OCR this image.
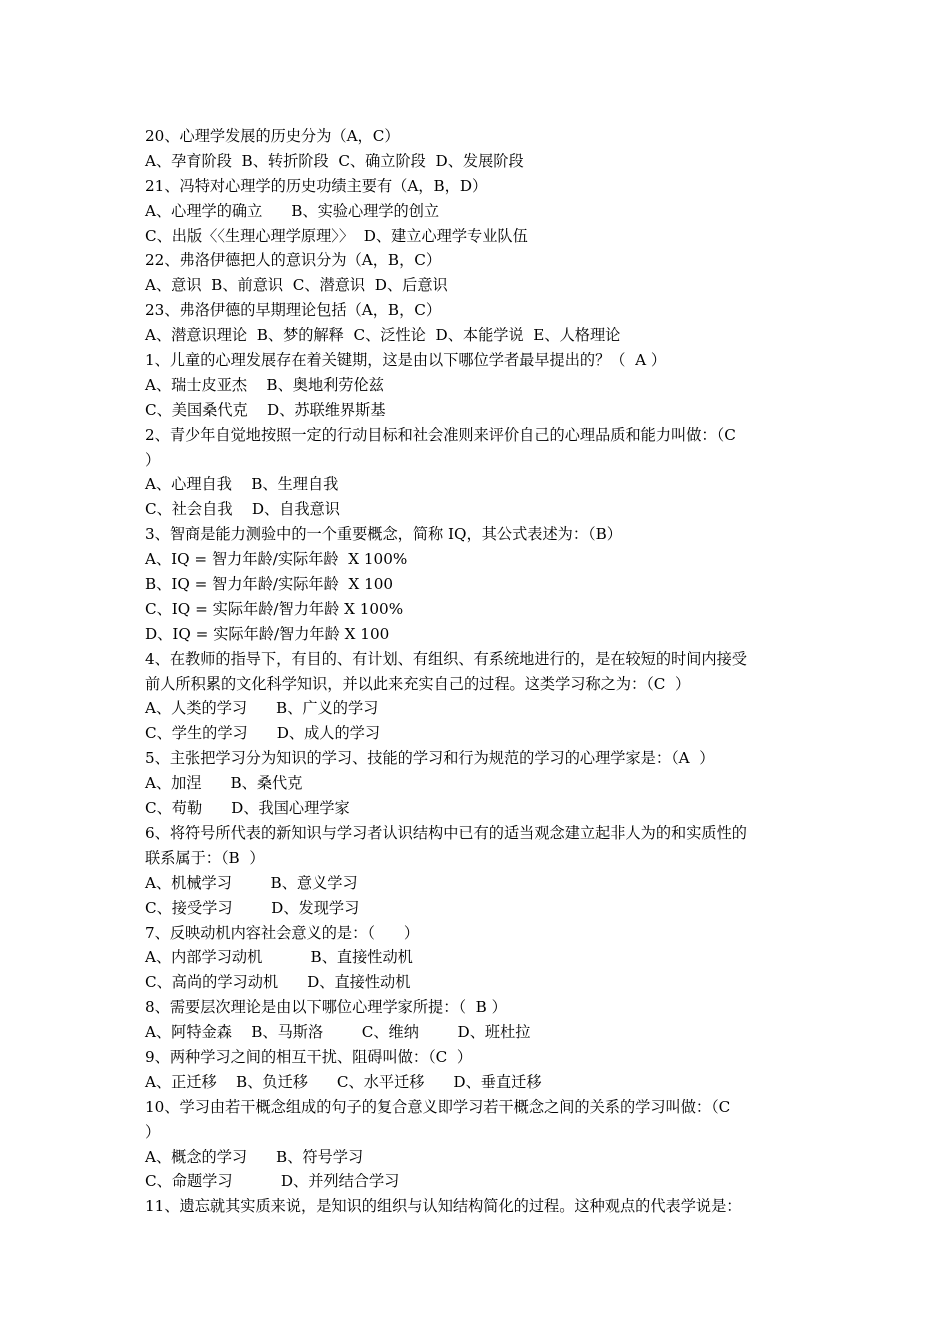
20、心理学发展的历史分为（A，C）
A、孕育阶段  B、转折阶段  C、确立阶段  D、发展阶段
21、冯特对心理学的历史功绩主要有（A，B，D）
A、心理学的确立      B、实验心理学的创立
C、出版〈〈生理心理学原理〉〉  D、建立心理学专业队伍
22、弗洛伊德把人的意识分为（A，B，C）
A、意识  B、前意识  C、潜意识  D、后意识
23、弗洛伊德的早期理论包括（A，B，C）
A、潜意识理论  B、梦的解释  C、泛性论  D、本能学说  E、人格理论
1、儿童的心理发展存在着关键期，这是由以下哪位学者最早提出的？（  A ）
A、瑞士皮亚杰    B、奥地利劳伦兹
C、美国桑代克    D、苏联维界斯基
2、青少年自觉地按照一定的行动目标和社会准则来评价自己的心理品质和能力叫做：（C
）
A、心理自我    B、生理自我
C、社会自我    D、自我意识
3、智商是能力测验中的一个重要概念，简称 IQ，其公式表述为：（B）
A、IQ = 智力年龄/实际年龄  X 100%
B、IQ = 智力年龄/实际年龄  X 100
C、IQ = 实际年龄/智力年龄 X 100%
D、IQ = 实际年龄/智力年龄 X 100
4、在教师的指导下，有目的、有计划、有组织、有系统地进行的，是在较短的时间内接受
前人所积累的文化科学知识，并以此来充实自己的过程。这类学习称之为：（C  ）
A、人类的学习      B、广义的学习
C、学生的学习      D、成人的学习
5、主张把学习分为知识的学习、技能的学习和行为规范的学习的心理学家是：（A  ）
A、加涅      B、桑代克
C、苟勒      D、我国心理学家
6、将符号所代表的新知识与学习者认识结构中已有的适当观念建立起非人为的和实质性的
联系属于：（B  ）
A、机械学习        B、意义学习
C、接受学习        D、发现学习
7、反映动机内容社会意义的是：（      ）
A、内部学习动机          B、直接性动机
C、高尚的学习动机      D、直接性动机
8、需要层次理论是由以下哪位心理学家所提：（  B ）
A、阿特金森    B、马斯洛        C、维纳        D、班杜拉
9、两种学习之间的相互干扰、阻碍叫做：（C  ）
A、正迁移    B、负迁移      C、水平迁移      D、垂直迁移
10、学习由若干概念组成的句子的复合意义即学习若干概念之间的关系的学习叫做：（C
）
A、概念的学习      B、符号学习
C、命题学习          D、并列结合学习
11、遗忘就其实质来说，是知识的组织与认知结构简化的过程。这种观点的代表学说是：
